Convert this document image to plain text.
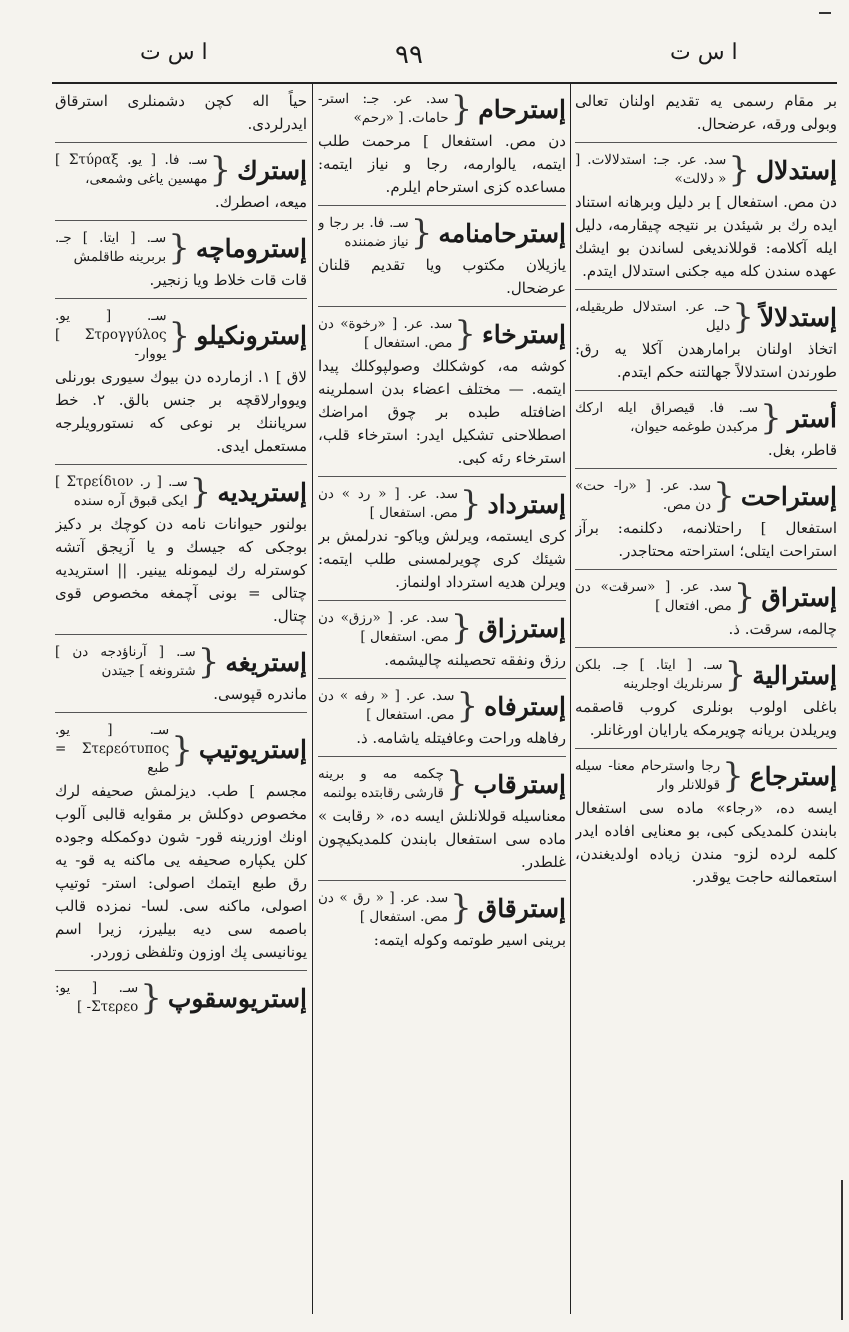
ا س ت	٩٩	ا س ت
بر مقام رسمى يه تقديم اولنان تعالى وبولى ورقه، عرضحال.
إستدلال
{
سد. عر. جـ: استدلالات. [ « دلالت»
دن مص. استفعال ] بر دليل وبرهانه استناد ايده رك بر شيئدن بر نتيجه چيقارمه، دليل ايله آكلامه: قوللانديغى لساندن بو ايشك عهده سندن كله ميه جكنى استدلال ايتدم.
إستدلالاً
{
حـ. عر. استدلال طريقيله، دليل
اتخاذ اولنان برامارهدن آكلا يه رق: طورندن استدلالاً جهالتنه حكم ايتدم.
أستر
{
سـ. فا. قيصراق ايله اركك مركبدن طوغمه حيوان،
قاطر، بغل.
إستراحت
{
سد. عر. [ «را- حت» دن مص.
استفعال ] راحتلانمه، دكلنمه: برآز استراحت ايتلى؛ استراحته محتاجدر.
إستراق
{
سد. عر. [ «سرقت» دن مص. افتعال ]
چالمه، سرقت. ذ.
إسترالية
{
سـ. [ ايتا. ] جـ. بلكن سرنلريك اوجلرينه
باغلى اولوب بونلرى كروب قاصقمه ويريلدن بريانه چويرمكه يارايان اورغانلر.
إسترجاع
{
رجا واسترحام معنا- سيله قوللانلر وار
ايسه ده، «رجاء» ماده سى استفعال بابندن كلمديكى كبى، بو معنايى افاده ايدر كلمه لرده لزو- مندن زياده اولديغندن، استعمالنه حاجت يوقدر.
إسترحام
{
سد. عر. جـ: استر- حامات. [ «رحم»
دن مص. استفعال ] مرحمت طلب ايتمه، يالوارمه، رجا و نياز ايتمه: مساعده كزى استرحام ايلرم.
إسترحامنامه
{
سـ. فا. بر رجا و نياز ضمننده
يازيلان مكتوب ويا تقديم قلنان عرضحال.
إسترخاء
{
سد. عر. [ «رخوة» دن مص. استفعال ]
كوشه مه، كوشكلك وصولپوكلك پيدا ايتمه. — مختلف اعضاء بدن اسملرينه اضافتله طبده بر چوق امراضك اصطلاحنى تشكيل ايدر: استرخاء قلب، استرخاء رئه كبى.
إسترداد
{
سد. عر. [ « رد » دن مص. استفعال ]
كرى ايستمه، ويرلش وياكو- ندرلمش بر شيئك كرى چويرلمسنى طلب ايتمه: ويرلن هديه استرداد اولنماز.
إسترزاق
{
سد. عر. [ «رزق» دن مص. استفعال ]
رزق ونفقه تحصيلنه چاليشمه.
إسترفاه
{
سد. عر. [ « رفه » دن مص. استفعال ]
رفاهله وراحت وعافيتله ياشامه. ذ.
إسترقاب
{
چكمه مه و برينه قارشى رقابتده بولنمه
معناسيله قوللانلش ايسه ده، « رقابت » ماده سى استفعال بابندن كلمديكيچون غلطدر.
إسترقاق
{
سد. عر. [ « رق » دن مص. استفعال ]
برينى اسير طوتمه وكوله ايتمه:
حياً اله كچن دشمنلرى استرقاق ايدرلردى.
إسترك
{
سـ. فا. [ يو. Στύραξ ] مهسين ياغى وشمعى،
ميعه، اصطرك.
إستروماچه
{
سـ. [ ايتا. ] جـ. بربرينه طاقلمش
قات قات خلاط ويا زنجير.
إسترونكيلو
{
سـ. [ يو. Στρογγύλος ] يووار-
لاق ] ١. ازمارده دن بيوك سيورى بورنلى ويووارلاقچه بر جنس بالق. ٢. خط سرياننك بر نوعى كه نستورويلرجه مستعمل ايدى.
إستريديه
{
سـ. [ ر. Στρείδιον ] ايكى قبوق آره سنده
بولنور حيوانات نامه دن كوچك بر دكيز بوجكى كه جيسك و يا آزيجق آتشه كوسترله رك ليمونله يينير. || استريديه چتالى = بونى آچمغه مخصوص قوى چتال.
إستريغه
{
سـ. [ آرناؤدجه دن ] شترونغه ] جيتدن
ماندره قپوسى.
إستريوتيپ
{
سـ. [ يو. Στερεότυπος = طبع
مجسم ] طب. ديزلمش صحيفه لرك مخصوص دوكلش بر مقوايه قالبى آلوب اونك اوزرينه قور- شون دوكمكله وجوده كلن يكپاره صحيفه يى ماكنه يه قو- يه رق طبع ايتمك اصولى: استر- ئوتيپ اصولى، ماكنه سى. لسا- نمزده قالب باصمه سى ديه بيليرز، زيرا اسم يونانيسى پك اوزون وتلفظى زوردر.
إستريوسقوپ
{
سـ. [ يو: Στερεο- ]
